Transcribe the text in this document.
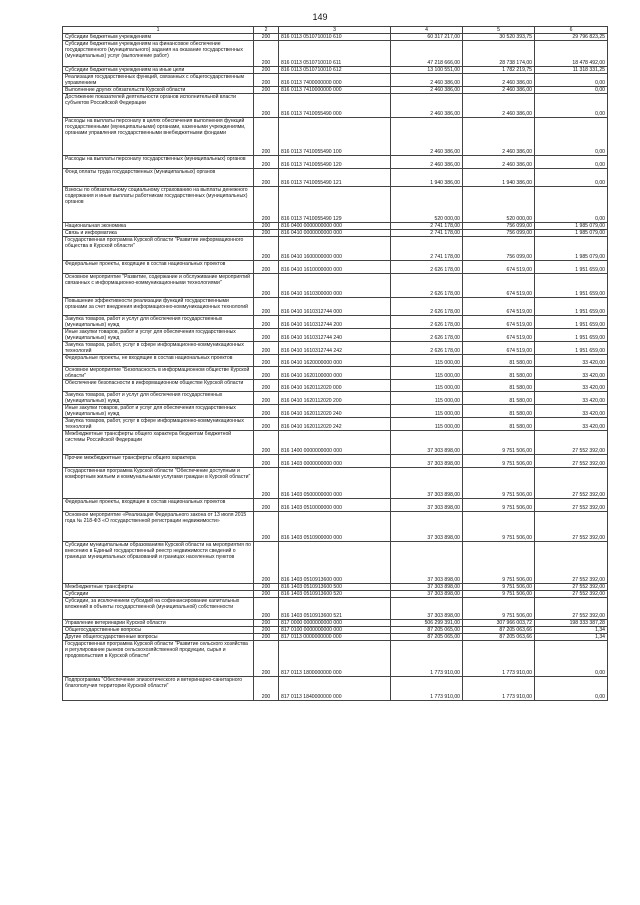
149
1	2	3	4	5	6
Субсидии бюджетным учреждениям	200	816 0113 0510710010 610	60 317 217,00	30 520 393,75	29 796 823,25
Субсидии бюджетным учреждениям на финансовое обеспечение государственного (муниципального) задания на оказание государственных (муниципальных) услуг (выполнение работ)	200	816 0113 0510710010 611	47 218 666,00	28 738 174,00	18 478 492,00
Субсидии бюджетным учреждениям на иные цели	200	816 0113 0510710010 612	13 100 551,00	1 782 219,75	11 318 331,25
Реализация государственных функций, связанных с общегосударственным управлением	200	816 0113 7400000000 000	2 460 386,00	2 460 386,00	0,00
Выполнение других обязательств Курской области	200	816 0113 7410000000 000	2 460 386,00	2 460 386,00	0,00
Достижение показателей деятельности органов исполнительной власти субъектов Российской Федерации	200	816 0113 7410055490 000	2 460 386,00	2 460 386,00	0,00
Расходы на выплаты персоналу в целях обеспечения выполнения функций государственными (муниципальными) органами, казенными учреждениями, органами управления государственными внебюджетными фондами	200	816 0113 7410055490 100	2 460 386,00	2 460 386,00	0,00
Расходы на выплаты персоналу государственных (муниципальных) органов	200	816 0113 7410055490 120	2 460 386,00	2 460 386,00	0,00
Фонд оплаты труда государственных (муниципальных) органов	200	816 0113 7410055490 121	1 940 386,00	1 940 386,00	0,00
Взносы по обязательному социальному страхованию на выплаты денежного содержания и иные выплаты работникам государственных (муниципальных) органов	200	816 0113 7410055490 129	520 000,00	520 000,00	0,00
Национальная экономика	200	816 0400 0000000000 000	2 741 178,00	756 099,00	1 985 079,00
Связь и информатика	200	816 0410 0000000000 000	2 741 178,00	756 099,00	1 985 079,00
Государственная программа Курской области "Развитие информационного общества в Курской области"	200	816 0410 1600000000 000	2 741 178,00	756 099,00	1 985 079,00
Федеральные проекты, входящие в состав национальных проектов	200	816 0410 1610000000 000	2 626 178,00	674 519,00	1 951 659,00
Основное мероприятие "Развитие, содержание и обслуживание мероприятий связанных с информационно-коммуникационными технологиями"	200	816 0410 1610300000 000	2 626 178,00	674 519,00	1 951 659,00
Повышение эффективности реализации функций государственными органами за счет внедрения информационно-коммуникационных технологий	200	816 0410 1610312744 000	2 626 178,00	674 519,00	1 951 659,00
Закупка товаров, работ и услуг для обеспечения государственных (муниципальных) нужд	200	816 0410 1610312744 200	2 626 178,00	674 519,00	1 951 659,00
Иные закупки товаров, работ и услуг для обеспечения государственных (муниципальных) нужд	200	816 0410 1610312744 240	2 626 178,00	674 519,00	1 951 659,00
Закупка товаров, работ, услуг в сфере информационно-коммуникационных технологий	200	816 0410 1610312744 242	2 626 178,00	674 519,00	1 951 659,00
Федеральные проекты, не входящие в состав национальных проектов	200	816 0410 1620000000 000	115 000,00	81 580,00	33 420,00
Основное мероприятие "Безопасность в информационном обществе Курской области"	200	816 0410 1620100000 000	115 000,00	81 580,00	33 420,00
Обеспечение безопасности в информационном обществе Курской области	200	816 0410 1620112020 000	115 000,00	81 580,00	33 420,00
Закупка товаров, работ и услуг для обеспечения государственных (муниципальных) нужд	200	816 0410 1620112020 200	115 000,00	81 580,00	33 420,00
Иные закупки товаров, работ и услуг для обеспечения государственных (муниципальных) нужд	200	816 0410 1620112020 240	115 000,00	81 580,00	33 420,00
Закупка товаров, работ, услуг в сфере информационно-коммуникационных технологий	200	816 0410 1620112020 242	115 000,00	81 580,00	33 420,00
Межбюджетные трансферты общего характера бюджетам бюджетной системы Российской Федерации	200	816 1400 0000000000 000	37 303 898,00	9 751 506,00	27 552 392,00
Прочие межбюджетные трансферты общего характера	200	816 1403 0000000000 000	37 303 898,00	9 751 506,00	27 552 392,00
Государственная программа Курской области "Обеспечение доступным и комфортным жильем и коммунальными услугами граждан в Курской области"	200	816 1403 0500000000 000	37 303 898,00	9 751 506,00	27 552 392,00
Федеральные проекты, входящие в состав национальных проектов	200	816 1403 0510000000 000	37 303 898,00	9 751 506,00	27 552 392,00
Основное мероприятие «Реализация Федерального закона от 13 июля 2015 года № 218-ФЗ «О государственной регистрации недвижимости»	200	816 1403 0510900000 000	37 303 898,00	9 751 506,00	27 552 392,00
Субсидии муниципальным образованиям Курской области на мероприятия по внесению в Единый государственный реестр недвижимости сведений о границах муниципальных образований и границах населенных пунктов	200	816 1403 0510913600 000	37 303 898,00	9 751 506,00	27 552 392,00
Межбюджетные трансферты	200	816 1403 0510913600 500	37 303 898,00	9 751 506,00	27 552 392,00
Субсидии	200	816 1403 0510913600 520	37 303 898,00	9 751 506,00	27 552 392,00
Субсидии, за исключением субсидий на софинансирование капитальных вложений в объекты государственной (муниципальной) собственности	200	816 1403 0510913600 521	37 303 898,00	9 751 506,00	27 552 392,00
Управление ветеринарии Курской области	200	817 0000 0000000000 000	506 299 391,00	307 966 003,72	198 333 387,28
Общегосударственные вопросы	200	817 0100 0000000000 000	87 205 065,00	87 205 063,66	1,34
Другие общегосударственные вопросы	200	817 0113 0000000000 000	87 205 065,00	87 205 063,66	1,34
Государственная программа Курской области "Развитие сельского хозяйства и регулирование рынков сельскохозяйственной продукции, сырья и продовольствия в Курской области"	200	817 0113 1800000000 000	1 773 910,00	1 773 910,00	0,00
Подпрограмма "Обеспечение эпизоотического и ветеринарно-санитарного благополучия территории Курской области"	200	817 0113 1840000000 000	1 773 910,00	1 773 910,00	0,00
